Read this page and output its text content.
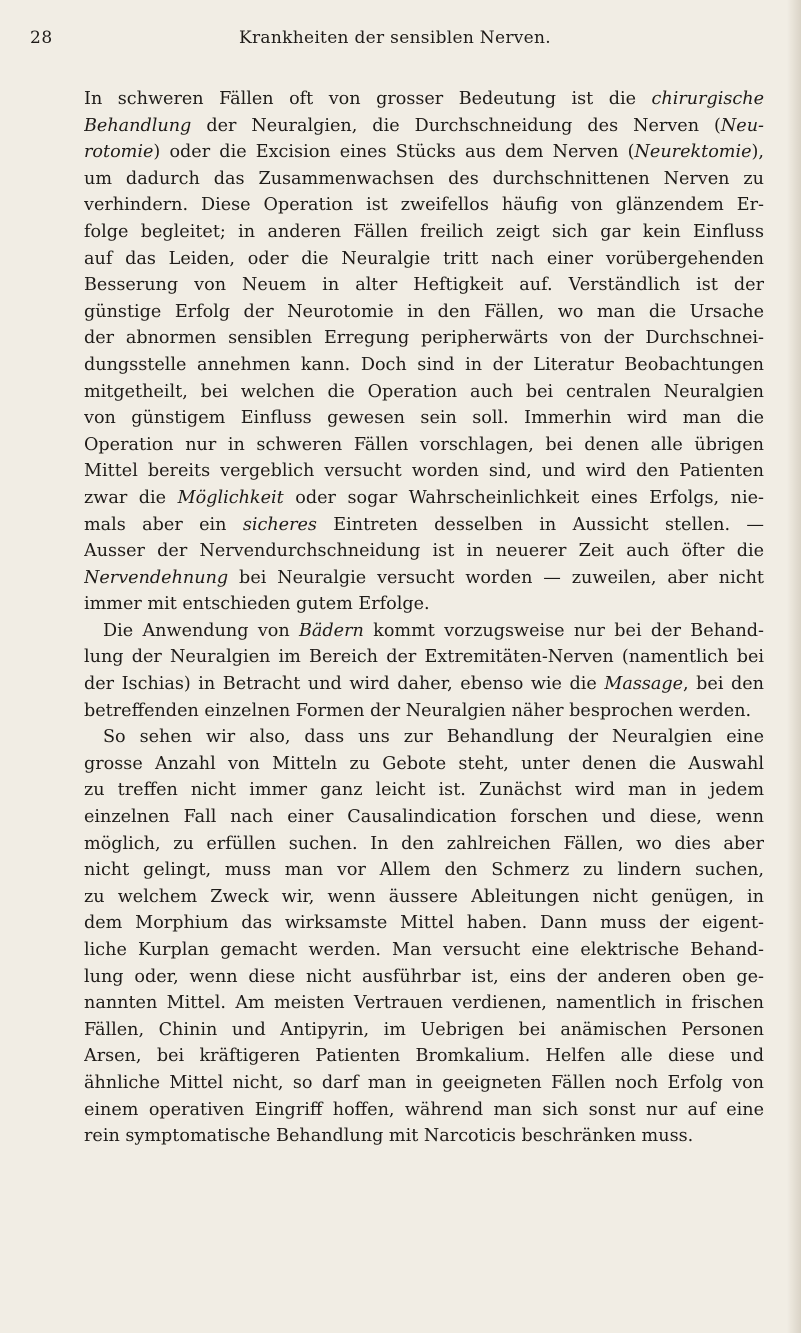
28	Krankheiten der sensiblen Nerven.
In schweren Fällen oft von grosser Bedeutung ist die chirurgische
Behandlung der Neuralgien, die Durchschneidung des Nerven (Neu-
rotomie) oder die Excision eines Stücks aus dem Nerven (Neurektomie),
um dadurch das Zusammenwachsen des durchschnittenen Nerven zu
verhindern. Diese Operation ist zweifellos häufig von glänzendem Er-
folge begleitet; in anderen Fällen freilich zeigt sich gar kein Einfluss
auf das Leiden, oder die Neuralgie tritt nach einer vorübergehenden
Besserung von Neuem in alter Heftigkeit auf. Verständlich ist der
günstige Erfolg der Neurotomie in den Fällen, wo man die Ursache
der abnormen sensiblen Erregung peripherwärts von der Durchschnei-
dungsstelle annehmen kann. Doch sind in der Literatur Beobachtungen
mitgetheilt, bei welchen die Operation auch bei centralen Neuralgien
von günstigem Einfluss gewesen sein soll. Immerhin wird man die
Operation nur in schweren Fällen vorschlagen, bei denen alle übrigen
Mittel bereits vergeblich versucht worden sind, und wird den Patienten
zwar die Möglichkeit oder sogar Wahrscheinlichkeit eines Erfolgs, nie-
mals aber ein sicheres Eintreten desselben in Aussicht stellen. —
Ausser der Nervendurchschneidung ist in neuerer Zeit auch öfter die
Nervendehnung bei Neuralgie versucht worden — zuweilen, aber nicht
immer mit entschieden gutem Erfolge.
Die Anwendung von Bädern kommt vorzugsweise nur bei der Behand-
lung der Neuralgien im Bereich der Extremitäten-Nerven (namentlich bei
der Ischias) in Betracht und wird daher, ebenso wie die Massage, bei den
betreffenden einzelnen Formen der Neuralgien näher besprochen werden.
So sehen wir also, dass uns zur Behandlung der Neuralgien eine
grosse Anzahl von Mitteln zu Gebote steht, unter denen die Auswahl
zu treffen nicht immer ganz leicht ist. Zunächst wird man in jedem
einzelnen Fall nach einer Causalindication forschen und diese, wenn
möglich, zu erfüllen suchen. In den zahlreichen Fällen, wo dies aber
nicht gelingt, muss man vor Allem den Schmerz zu lindern suchen,
zu welchem Zweck wir, wenn äussere Ableitungen nicht genügen, in
dem Morphium das wirksamste Mittel haben. Dann muss der eigent-
liche Kurplan gemacht werden. Man versucht eine elektrische Behand-
lung oder, wenn diese nicht ausführbar ist, eins der anderen oben ge-
nannten Mittel. Am meisten Vertrauen verdienen, namentlich in frischen
Fällen, Chinin und Antipyrin, im Uebrigen bei anämischen Personen
Arsen, bei kräftigeren Patienten Bromkalium. Helfen alle diese und
ähnliche Mittel nicht, so darf man in geeigneten Fällen noch Erfolg von
einem operativen Eingriff hoffen, während man sich sonst nur auf eine
rein symptomatische Behandlung mit Narcoticis beschränken muss.
